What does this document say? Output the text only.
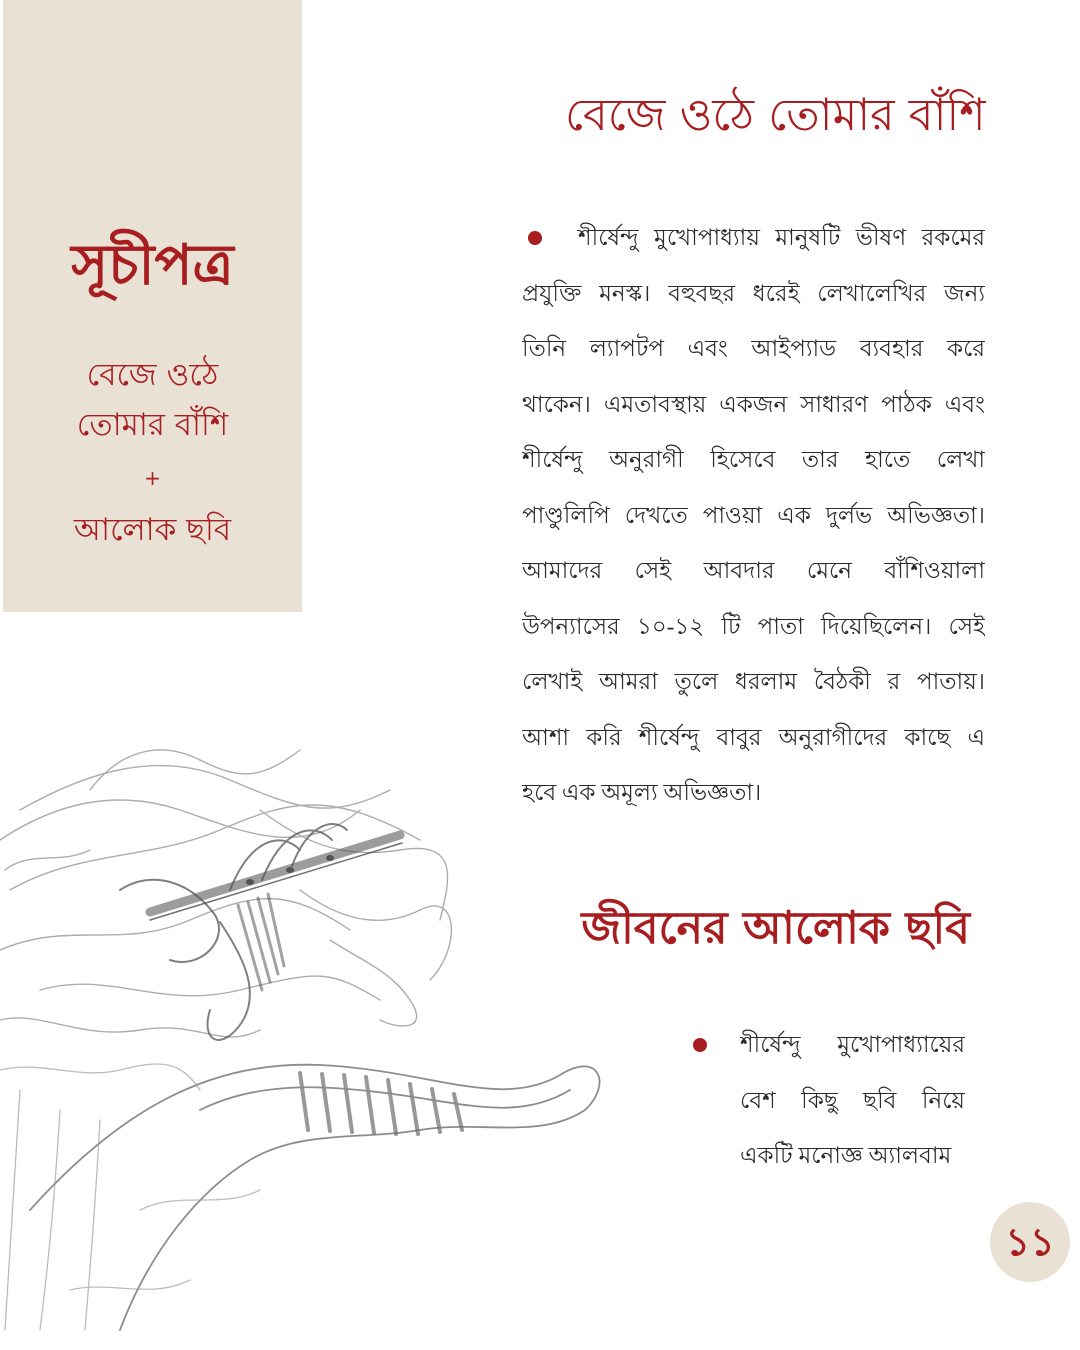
সূচীপত্র
বেজে ওঠে
তোমার বাঁশি
+
আলোক ছবি
বেজে ওঠে তোমার বাঁশি
শীর্ষেন্দু মুখোপাধ্যায় মানুষটি ভীষণ রকমের
প্রযুক্তি মনস্ক। বহুবছর ধরেই লেখালেখির জন্য
তিনি ল্যাপটপ এবং আইপ্যাড ব্যবহার করে
থাকেন। এমতাবস্থায় একজন সাধারণ পাঠক এবং
শীর্ষেন্দু অনুরাগী হিসেবে তার হাতে লেখা
পাণ্ডুলিপি দেখতে পাওয়া এক দুর্লভ অভিজ্ঞতা।
আমাদের সেই আবদার মেনে বাঁশিওয়ালা
উপন্যাসের ১০-১২ টি পাতা দিয়েছিলেন। সেই
লেখাই আমরা তুলে ধরলাম বৈঠকী র পাতায়।
আশা করি শীর্ষেন্দু বাবুর অনুরাগীদের কাছে এ
হবে এক অমূল্য অভিজ্ঞতা।
জীবনের আলোক ছবি
শীর্ষেন্দু মুখোপাধ্যায়ের
বেশ কিছু ছবি নিয়ে
একটি মনোজ্ঞ অ্যালবাম
১১
